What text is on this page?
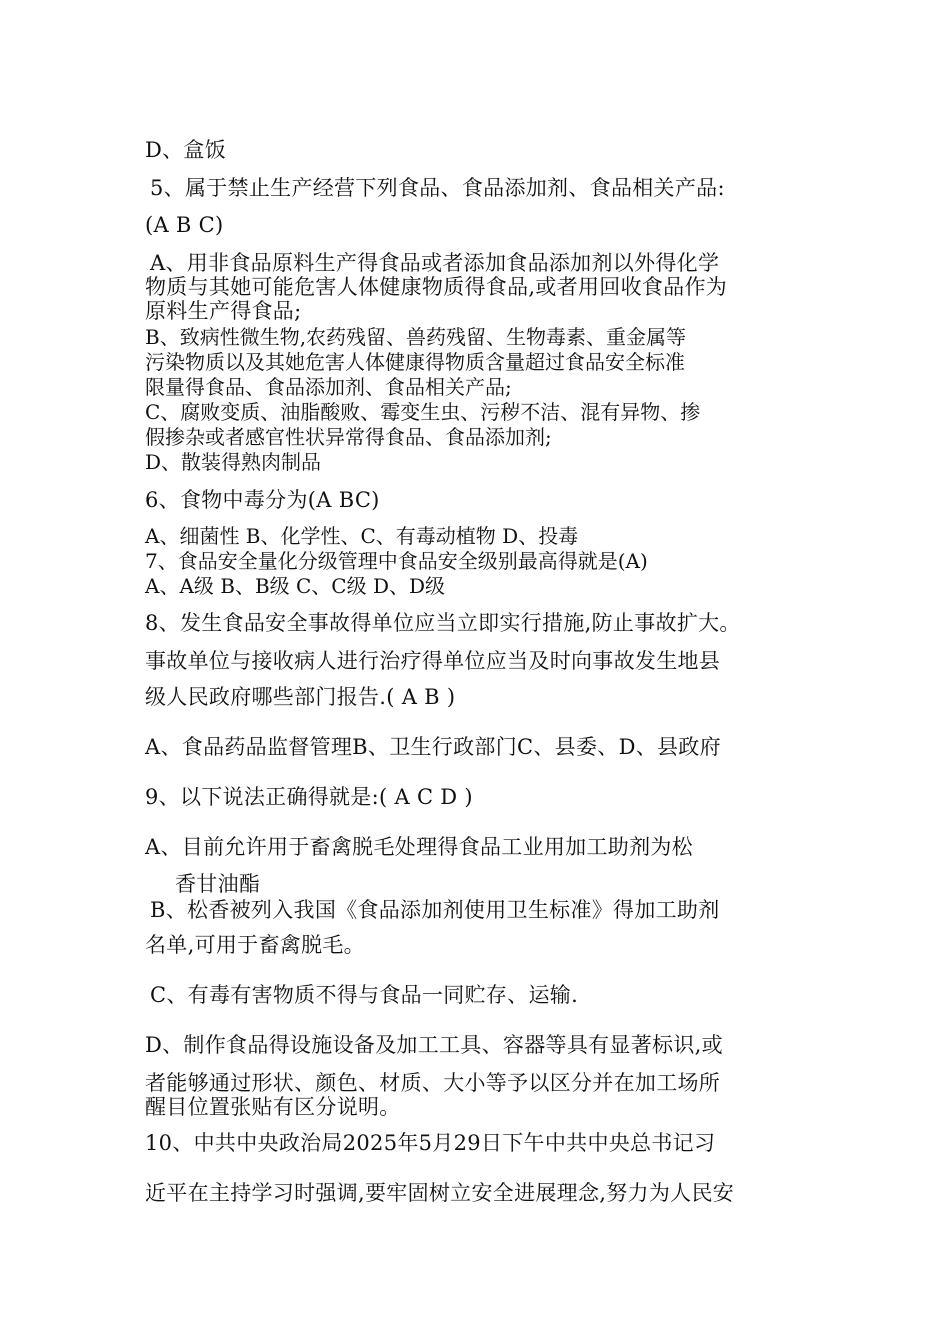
D、盒饭
5、属于禁止生产经营下列食品、食品添加剂、食品相关产品:
(A B C)
A、用非食品原料生产得食品或者添加食品添加剂以外得化学
物质与其她可能危害人体健康物质得食品,或者用回收食品作为
原料生产得食品;
B、致病性微生物,农药残留、兽药残留、生物毒素、重金属等
污染物质以及其她危害人体健康得物质含量超过食品安全标准
限量得食品、食品添加剂、食品相关产品;
C、腐败变质、油脂酸败、霉变生虫、污秽不洁、混有异物、掺
假掺杂或者感官性状异常得食品、食品添加剂;
D、散装得熟肉制品
6、食物中毒分为(A BC)
A、细菌性 B、化学性、C、有毒动植物 D、投毒
7、食品安全量化分级管理中食品安全级别最高得就是(A)
A、A级 B、B级 C、C级 D、D级
8、发生食品安全事故得单位应当立即实行措施,防止事故扩大。
事故单位与接收病人进行治疗得单位应当及时向事故发生地县
级人民政府哪些部门报告.( A B )
A、食品药品监督管理B、卫生行政部门C、县委、D、县政府
9、以下说法正确得就是:( A C D )
A、目前允许用于畜禽脱毛处理得食品工业用加工助剂为松
香甘油酯
B、松香被列入我国《食品添加剂使用卫生标准》得加工助剂
名单,可用于畜禽脱毛。
C、有毒有害物质不得与食品一同贮存、运输.
D、制作食品得设施设备及加工工具、容器等具有显著标识,或
者能够通过形状、颜色、材质、大小等予以区分并在加工场所
醒目位置张贴有区分说明。
10、中共中央政治局2025年5月29日下午中共中央总书记习
近平在主持学习时强调,要牢固树立安全进展理念,努力为人民安
